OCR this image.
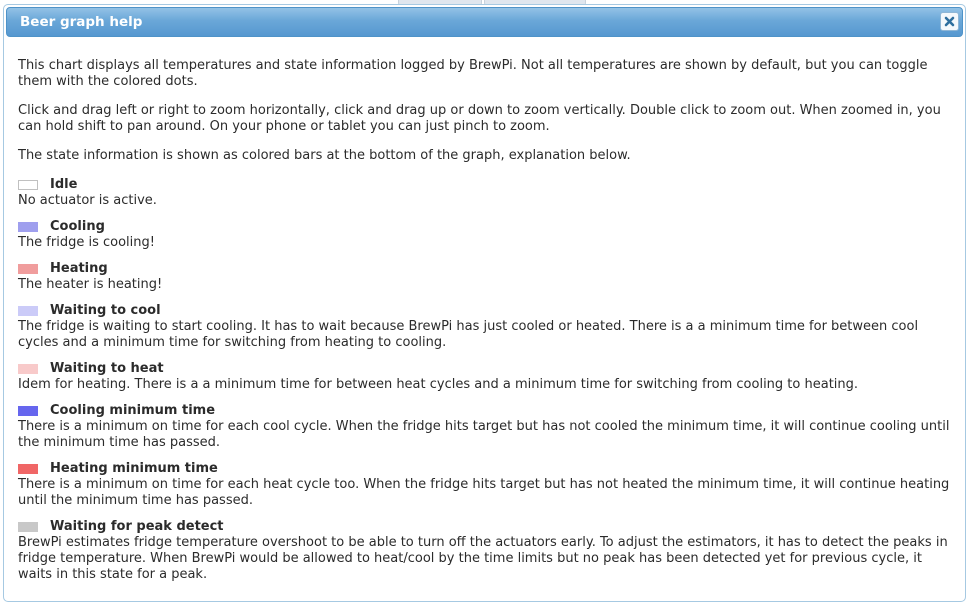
Beer graph help

This chart displays all temperatures and state information logged by BrewPi. Not all temperatures are shown by default, but you can toggle them with the colored dots.

Click and drag left or right to zoom horizontally, click and drag up or down to zoom vertically. Double click to zoom out. When zoomed in, you can hold shift to pan around. On your phone or tablet you can just pinch to zoom.

The state information is shown as colored bars at the bottom of the graph, explanation below.

Idle
No actuator is active.
Cooling
The fridge is cooling!
Heating
The heater is heating!
Waiting to cool
The fridge is waiting to start cooling. It has to wait because BrewPi has just cooled or heated. There is a a minimum time for between cool cycles and a minimum time for switching from heating to cooling.
Waiting to heat
Idem for heating. There is a a minimum time for between heat cycles and a minimum time for switching from cooling to heating.
Cooling minimum time
There is a minimum on time for each cool cycle. When the fridge hits target but has not cooled the minimum time, it will continue cooling until the minimum time has passed.
Heating minimum time
There is a minimum on time for each heat cycle too. When the fridge hits target but has not heated the minimum time, it will continue heating until the minimum time has passed.
Waiting for peak detect
BrewPi estimates fridge temperature overshoot to be able to turn off the actuators early. To adjust the estimators, it has to detect the peaks in fridge temperature. When BrewPi would be allowed to heat/cool by the time limits but no peak has been detected yet for previous cycle, it waits in this state for a peak.
